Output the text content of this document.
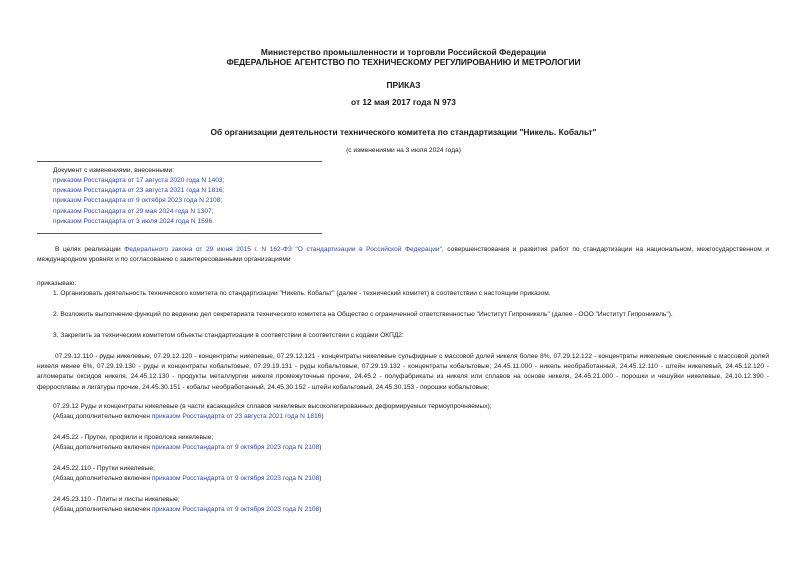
Министерство промышленности и торговли Российской Федерации
ФЕДЕРАЛЬНОЕ АГЕНТСТВО ПО ТЕХНИЧЕСКОМУ РЕГУЛИРОВАНИЮ И МЕТРОЛОГИИ
ПРИКАЗ
от 12 мая 2017 года N 973
Об организации деятельности технического комитета по стандартизации "Никель. Кобальт"
(с изменениями на 3 июля 2024 года)
Документ с изменениями, внесенными:
приказом Росстандарта от 17 августа 2020 года N 1403;
приказом Росстандарта от 23 августа 2021 года N 1816;
приказом Росстандарта от 9 октября 2023 года N 2108;
приказом Росстандарта от 29 мая 2024 года N 1307;
приказом Росстандарта от 3 июля 2024 года N 1596.
В целях реализации Федерального закона от 29 июня 2015 г. N 162-ФЗ "О стандартизации в Российской Федерации", совершенствования и развития работ по стандартизации на национальном, межгосударственном и международном уровнях и по согласованию с заинтересованными организациями
приказываю:
1. Организовать деятельность технического комитета по стандартизации "Никель. Кобальт" (далее - технический комитет) в соответствии с настоящим приказом.
2. Возложить выполнение функций по ведению дел секретариата технического комитета на Общество с ограниченной ответственностью "Институт Гипроникель" (далее - ООО "Институт Гипроникель").
3. Закрепить за техническим комитетом объекты стандартизации в соответствии в соответствии с кодами ОКПД2:
07.29.12.110 - руды никелевые, 07.29.12.120 - концентраты никелевые, 07.29.12.121 - концентраты никелевые сульфидные с массовой долей никеля более 8%, 07.29.12.122 - концентраты никелевые окисленные с массовой долей никеля менее 6%, 07.29.19.130 - руды и концентраты кобальтовые, 07.29.19.131 - руды кобальтовые, 07.29.19.132 - концентраты кобальтовые; 24.45.11.000 - никель необработанный, 24.45.12.110 - штейн никелевый, 24.45.12.120 - агломераты оксидов никеля, 24.45.12.130 - продукты металлургии никеля промежуточные прочие, 24.45.2 - полуфабрикаты из никеля или сплавов на основе никеля, 24.45.21.000 - порошки и чешуйки никелевые, 24.10.12.390 - ферросплавы и лигатуры прочие, 24.45.30.151 - кобальт необработанный, 24.45.30.152 - штейн кобальтовый, 24.45.30.153 - порошки кобальтовые;
07.29.12 Руды и концентраты никелевые (в части касающейся сплавов никелевых высоколегированных деформируемых термоупрочняемых);
(Абзац дополнительно включен приказом Росстандарта от 23 августа 2021 года N 1816)
24.45.22 - Прутки, профили и проволока никелевые;
(Абзац дополнительно включен приказом Росстандарта от 9 октября 2023 года N 2108)
24.45.22.110 - Прутки никелевые;
(Абзац дополнительно включен приказом Росстандарта от 9 октября 2023 года N 2108)
24.45.23.110 - Плиты и листы никелевые;
(Абзац дополнительно включен приказом Росстандарта от 9 октября 2023 года N 2108)
